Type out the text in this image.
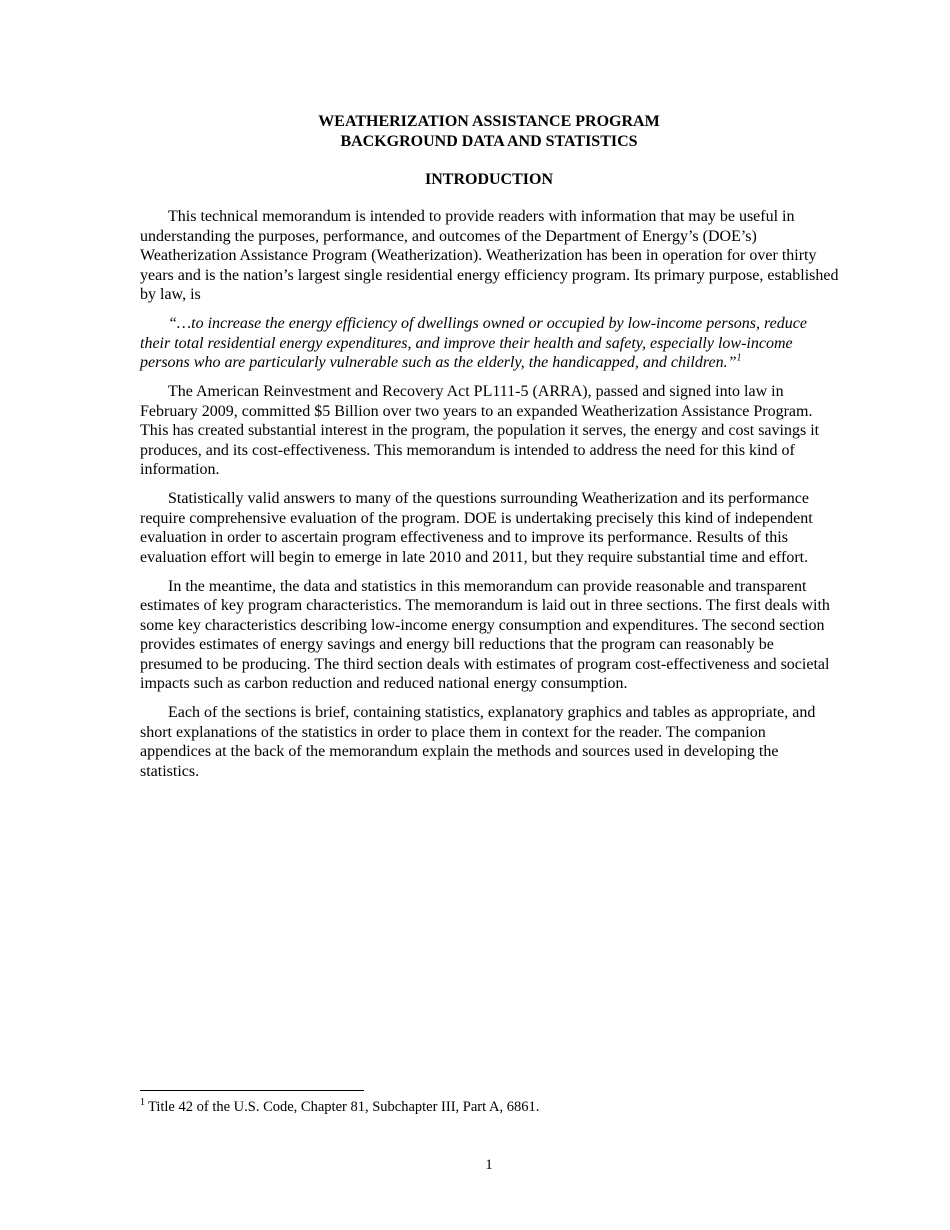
WEATHERIZATION ASSISTANCE PROGRAM
BACKGROUND DATA AND STATISTICS
INTRODUCTION

This technical memorandum is intended to provide readers with information that may be useful in understanding the purposes, performance, and outcomes of the Department of Energy’s (DOE’s) Weatherization Assistance Program (Weatherization). Weatherization has been in operation for over thirty years and is the nation’s largest single residential energy efficiency program. Its primary purpose, established by law, is

“…to increase the energy efficiency of dwellings owned or occupied by low-income persons, reduce their total residential energy expenditures, and improve their health and safety, especially low-income persons who are particularly vulnerable such as the elderly, the handicapped, and children.”$^1$

The American Reinvestment and Recovery Act PL111-5 (ARRA), passed and signed into law in February 2009, committed $5 Billion over two years to an expanded Weatherization Assistance Program. This has created substantial interest in the program, the population it serves, the energy and cost savings it produces, and its cost-effectiveness. This memorandum is intended to address the need for this kind of information.

Statistically valid answers to many of the questions surrounding Weatherization and its performance require comprehensive evaluation of the program. DOE is undertaking precisely this kind of independent evaluation in order to ascertain program effectiveness and to improve its performance. Results of this evaluation effort will begin to emerge in late 2010 and 2011, but they require substantial time and effort.

In the meantime, the data and statistics in this memorandum can provide reasonable and transparent estimates of key program characteristics. The memorandum is laid out in three sections. The first deals with some key characteristics describing low-income energy consumption and expenditures. The second section provides estimates of energy savings and energy bill reductions that the program can reasonably be presumed to be producing. The third section deals with estimates of program cost-effectiveness and societal impacts such as carbon reduction and reduced national energy consumption.

Each of the sections is brief, containing statistics, explanatory graphics and tables as appropriate, and short explanations of the statistics in order to place them in context for the reader. The companion appendices at the back of the memorandum explain the methods and sources used in developing the statistics.

$^1$ Title 42 of the U.S. Code, Chapter 81, Subchapter III, Part A, 6861.
1
